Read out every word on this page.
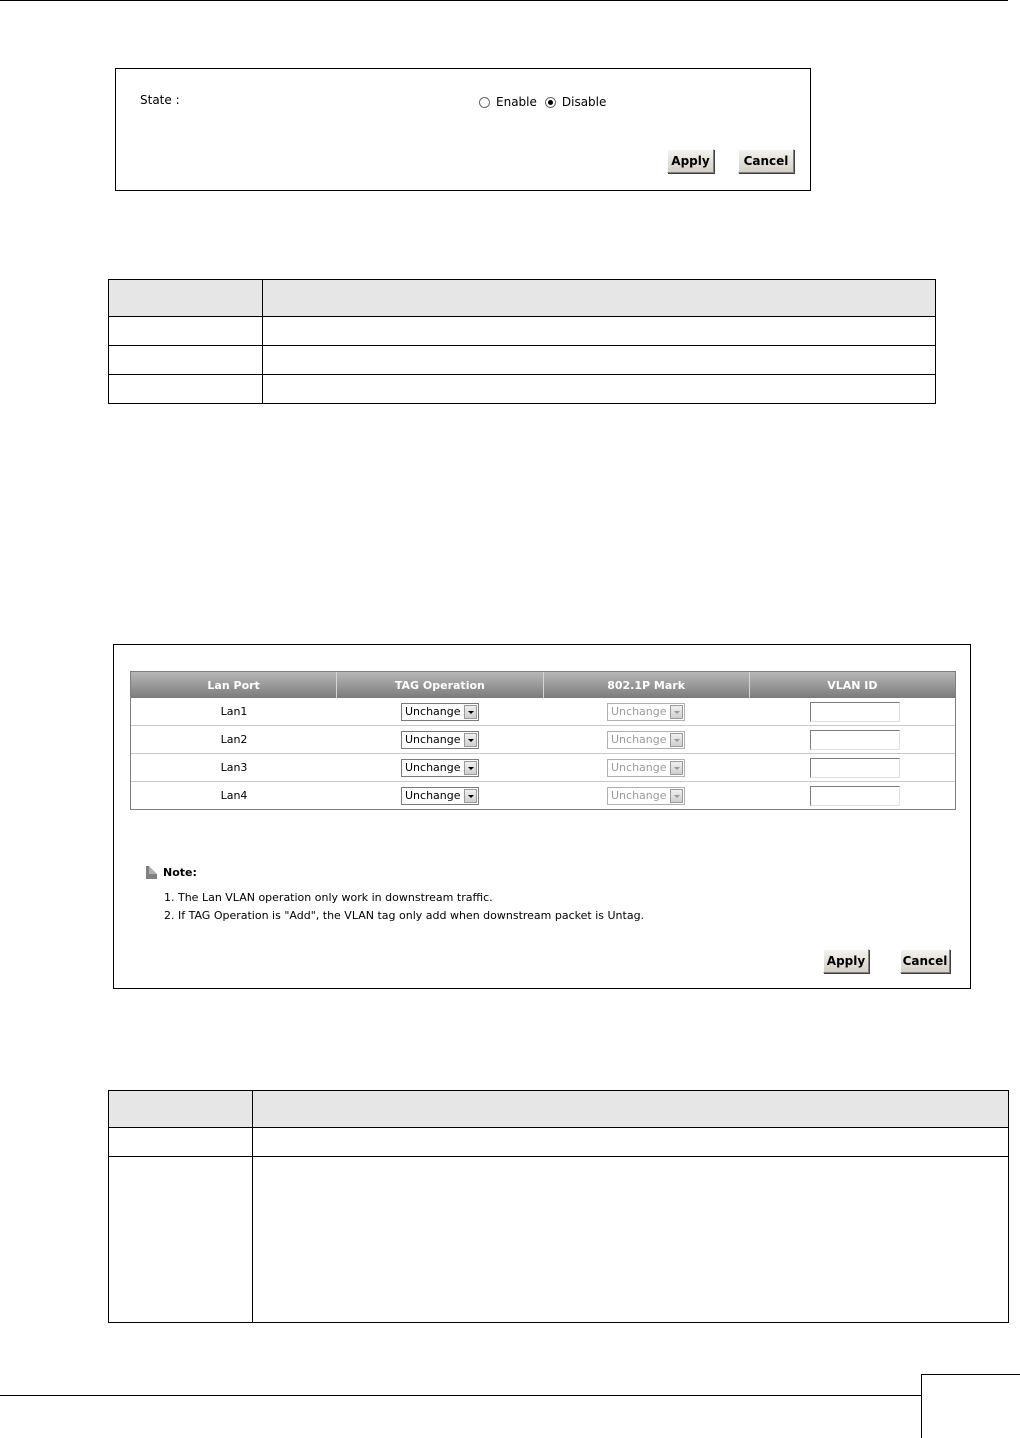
State :	Enable Disable
Apply	Cancel

Lan Port	TAG Operation	802.1P Mark	VLAN ID
Lan1	Unchange	Unchange
Lan2	Unchange	Unchange
Lan3	Unchange	Unchange
Lan4	Unchange	Unchange
Note:
1. The Lan VLAN operation only work in downstream traffic.
2. If TAG Operation is "Add", the VLAN tag only add when downstream packet is Untag.
Apply	Cancel
